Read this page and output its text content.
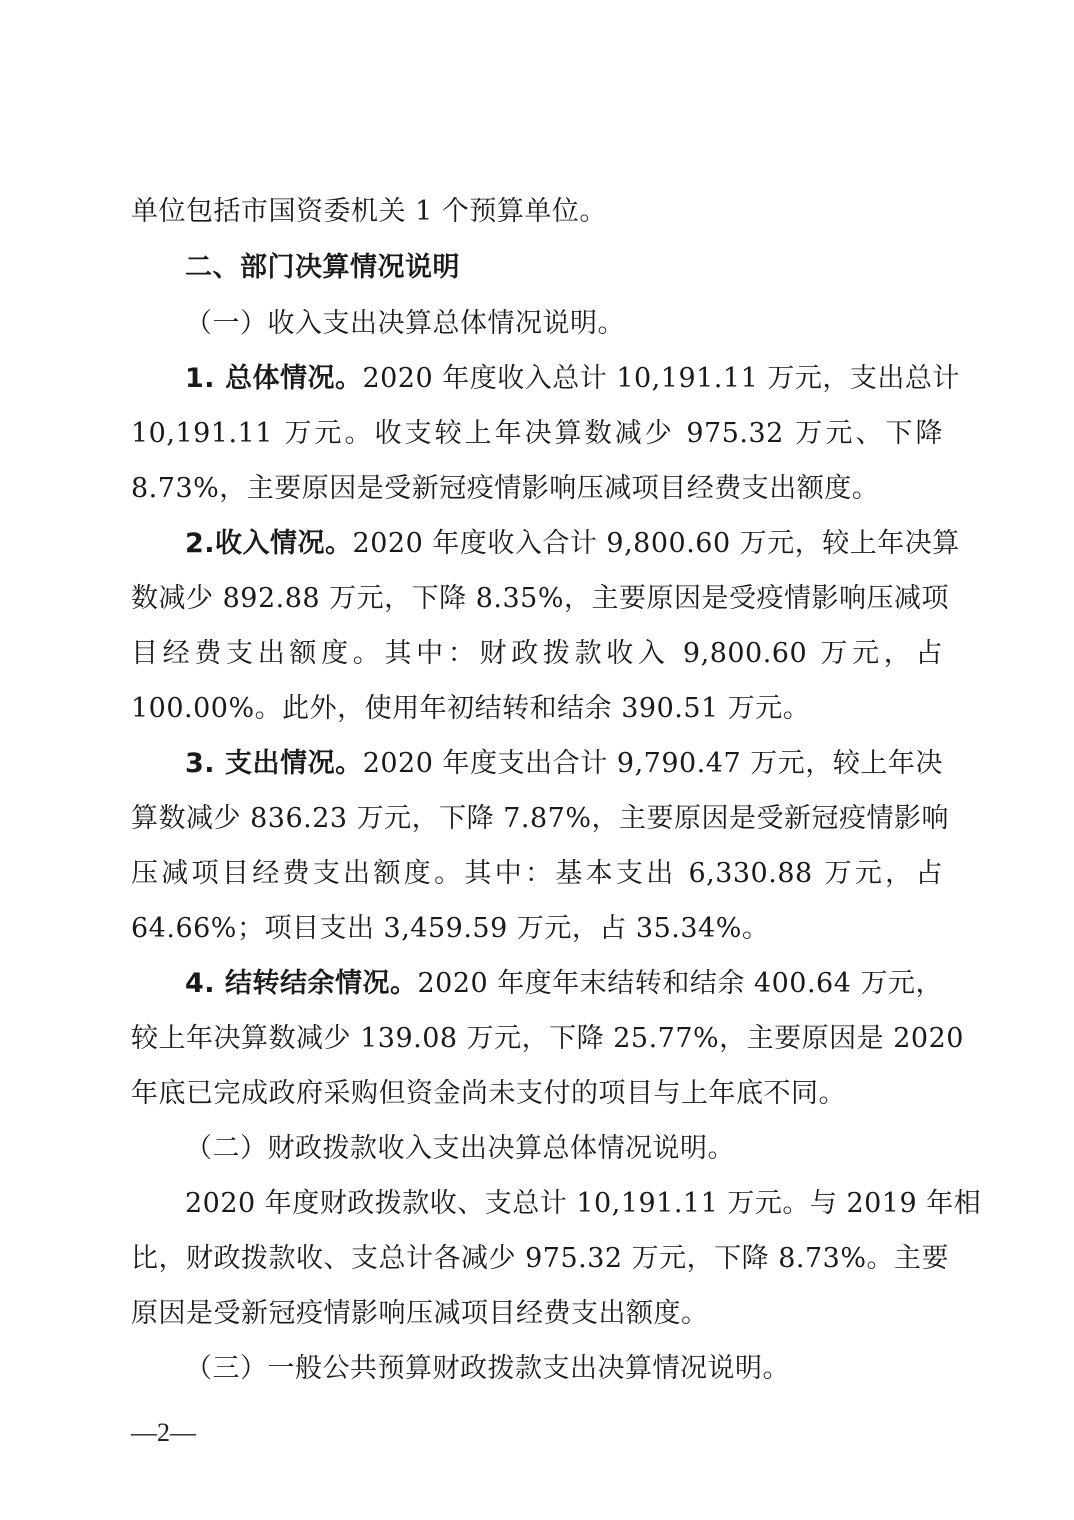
单位包括市国资委机关 1 个预算单位。
二、部门决算情况说明
（一）收入支出决算总体情况说明。
1. 总体情况。2020 年度收入总计 10,191.11 万元，支出总计
10,191.11 万元。收支较上年决算数减少 975.32 万元、下降
8.73%，主要原因是受新冠疫情影响压减项目经费支出额度。
2.收入情况。2020 年度收入合计 9,800.60 万元，较上年决算
数减少 892.88 万元，下降 8.35%，主要原因是受疫情影响压减项
目经费支出额度。其中：财政拨款收入 9,800.60 万元，占
100.00%。此外，使用年初结转和结余 390.51 万元。
3. 支出情况。2020 年度支出合计 9,790.47 万元，较上年决
算数减少 836.23 万元，下降 7.87%，主要原因是受新冠疫情影响
压减项目经费支出额度。其中：基本支出 6,330.88 万元，占
64.66%；项目支出 3,459.59 万元，占 35.34%。
4. 结转结余情况。2020 年度年末结转和结余 400.64 万元，
较上年决算数减少 139.08 万元，下降 25.77%，主要原因是 2020
年底已完成政府采购但资金尚未支付的项目与上年底不同。
（二）财政拨款收入支出决算总体情况说明。
2020 年度财政拨款收、支总计 10,191.11 万元。与 2019 年相
比，财政拨款收、支总计各减少 975.32 万元，下降 8.73%。主要
原因是受新冠疫情影响压减项目经费支出额度。
（三）一般公共预算财政拨款支出决算情况说明。
—2—
